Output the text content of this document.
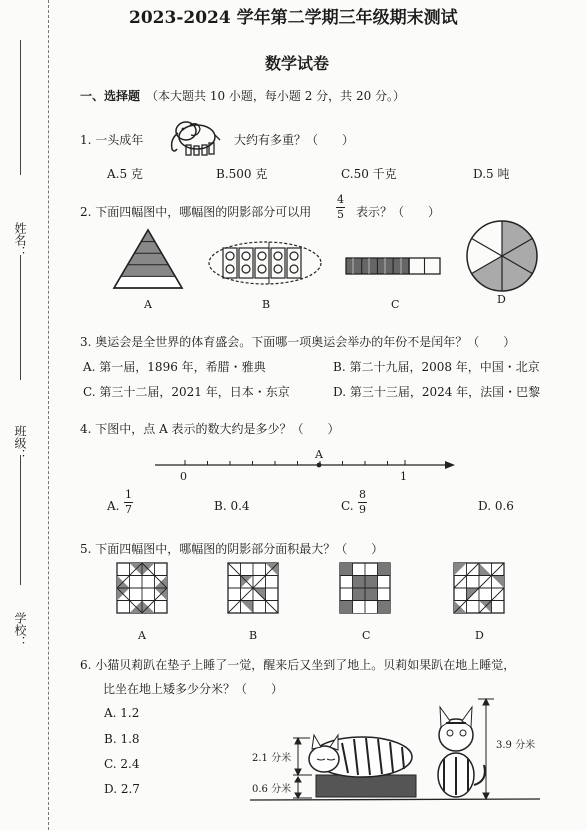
姓名：
班级：
学校：
2023-2024 学年第二学期三年级期末测试
数学试卷
一、选择题 （本大题共 10 小题，每小题 2 分，共 20 分。）
1. 一头成年	大约有多重？（　　）
A.5 克	B.500 克	C.50 千克	D.5 吨
2. 下面四幅图中，哪幅图的阴影部分可以用
4
5 表示？（　　）
A	B	C	D
3. 奥运会是全世界的体育盛会。下面哪一项奥运会举办的年份不是闰年？（　　）
A. 第一届，1896 年，希腊・雅典	B. 第二十九届，2008 年，中国・北京
C. 第三十二届，2021 年，日本・东京	D. 第三十三届，2024 年，法国・巴黎
4. 下图中，点 A 表示的数大约是多少？（　　）
A
0	1
A.
1
7	B. 0.4	C.
8
9	D. 0.6
5. 下面四幅图中，哪幅图的阴影部分面积最大？（　　）
A	B	C	D
6. 小猫贝莉趴在垫子上睡了一觉，醒来后又坐到了地上。贝莉如果趴在地上睡觉，
比坐在地上矮多少分米？（　　）
A. 1.2
B. 1.8
C. 2.4
D. 2.7
2.1 分米
0.6 分米
3.9 分米
